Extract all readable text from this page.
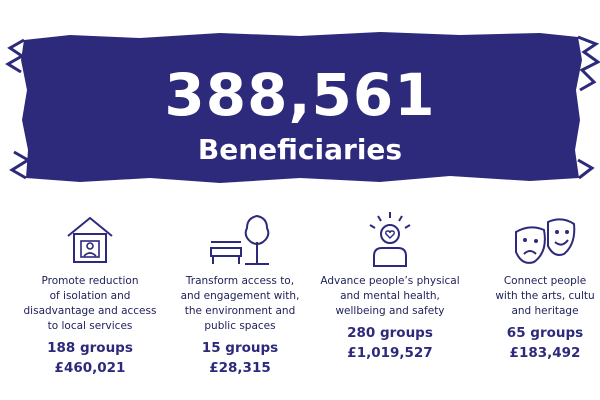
388,561
Beneficiaries
Promote reduction
of isolation and
disadvantage and access
to local services
188 groups
£460,021
Transform access to,
and engagement with,
the environment and
public spaces
15 groups
£28,315
Advance people’s physical
and mental health,
wellbeing and safety
280 groups
£1,019,527
Connect people
with the arts, cultu
and heritage
65 groups
£183,492
